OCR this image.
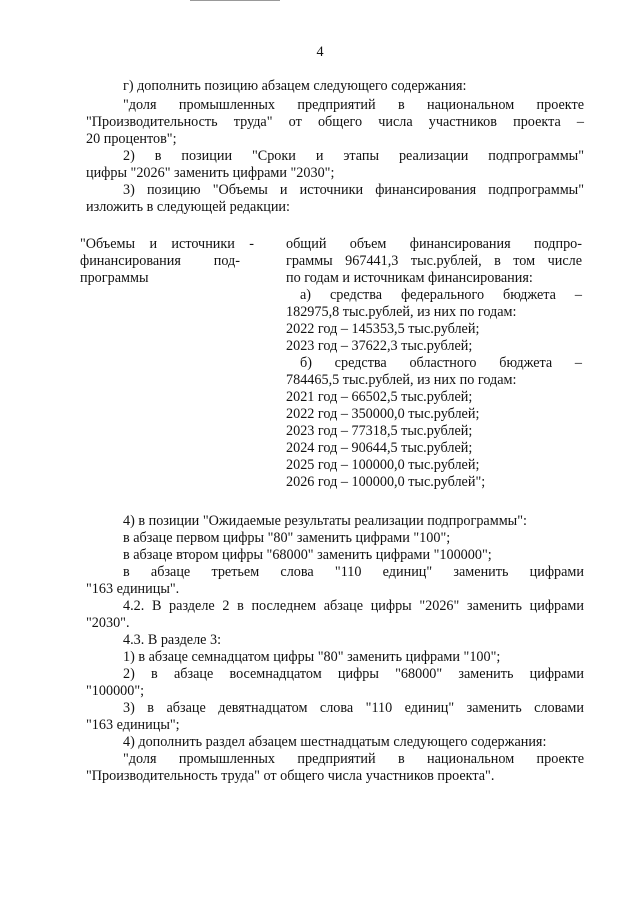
4
г) дополнить позицию абзацем следующего содержания:
"доля промышленных предприятий в национальном проекте
"Производительность труда" от общего числа участников проекта –
20 процентов";
2) в позиции "Сроки и этапы реализации подпрограммы"
цифры "2026" заменить цифрами "2030";
3) позицию "Объемы и источники финансирования подпрограммы"
изложить в следующей редакции:
"Объемы и источники -
финансирования под-
программы
общий объем финансирования подпро-
граммы 967441,3 тыс.рублей, в том числе
по годам и источникам финансирования:
а) средства федерального бюджета –
182975,8 тыс.рублей, из них по годам:
2022 год – 145353,5 тыс.рублей;
2023 год – 37622,3 тыс.рублей;
б) средства областного бюджета –
784465,5 тыс.рублей, из них по годам:
2021 год – 66502,5 тыс.рублей;
2022 год – 350000,0 тыс.рублей;
2023 год – 77318,5 тыс.рублей;
2024 год – 90644,5 тыс.рублей;
2025 год – 100000,0 тыс.рублей;
2026 год – 100000,0 тыс.рублей";
4) в позиции "Ожидаемые результаты реализации подпрограммы":
в абзаце первом цифры "80" заменить цифрами "100";
в абзаце втором цифры "68000" заменить цифрами "100000";
в абзаце третьем слова "110 единиц" заменить цифрами
"163 единицы".
4.2. В разделе 2 в последнем абзаце цифры "2026" заменить цифрами
"2030".
4.3. В разделе 3:
1) в абзаце семнадцатом цифры "80" заменить цифрами "100";
2) в абзаце восемнадцатом цифры "68000" заменить цифрами
"100000";
3) в абзаце девятнадцатом слова "110 единиц" заменить словами
"163 единицы";
4) дополнить раздел абзацем шестнадцатым следующего содержания:
"доля промышленных предприятий в национальном проекте
"Производительность труда" от общего числа участников проекта".
